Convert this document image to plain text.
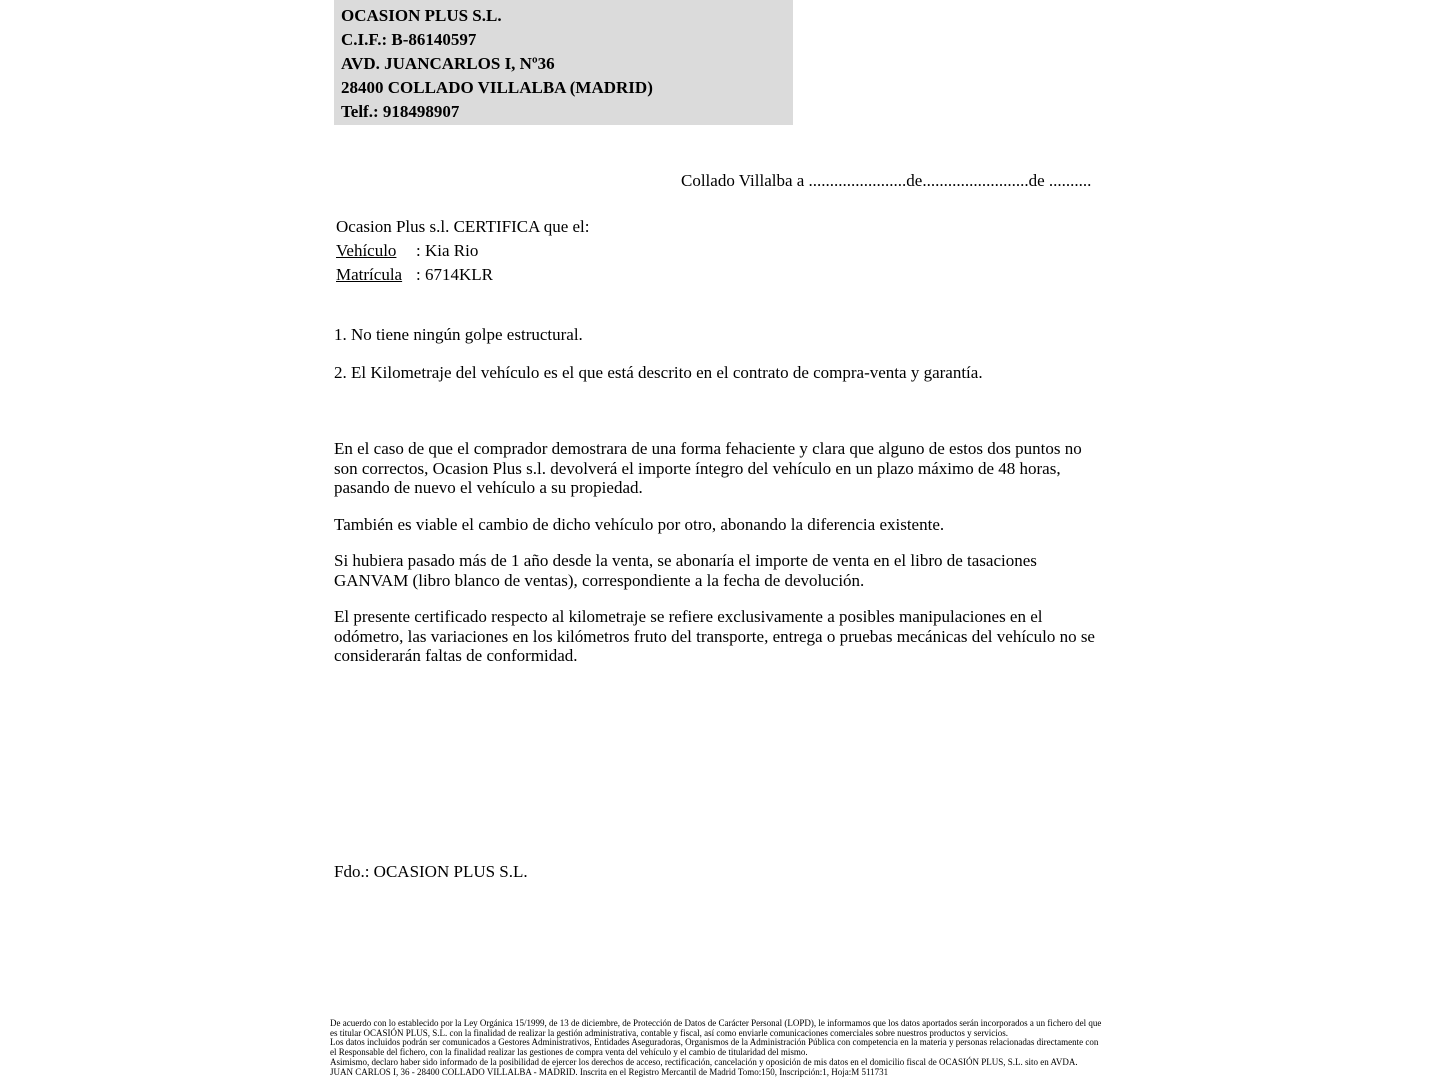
OCASION PLUS S.L.
C.I.F.: B-86140597
AVD. JUANCARLOS I, Nº36
28400 COLLADO VILLALBA (MADRID)
Telf.: 918498907
Collado Villalba a .......................de.........................de ..........
Ocasion Plus s.l. CERTIFICA que el:
Vehículo	: Kia Rio
Matrícula : 6714KLR

1. No tiene ningún golpe estructural.

2. El Kilometraje del vehículo es el que está descrito en el contrato de compra-venta y garantía.

En el caso de que el comprador demostrara de una forma fehaciente y clara que alguno de estos dos puntos no son correctos, Ocasion Plus s.l. devolverá el importe íntegro del vehículo en un plazo máximo de 48 horas, pasando de nuevo el vehículo a su propiedad.

También es viable el cambio de dicho vehículo por otro, abonando la diferencia existente.

Si hubiera pasado más de 1 año desde la venta, se abonaría el importe de venta en el libro de tasaciones GANVAM (libro blanco de ventas), correspondiente a la fecha de devolución.

El presente certificado respecto al kilometraje se refiere exclusivamente a posibles manipulaciones en el odómetro, las variaciones en los kilómetros fruto del transporte, entrega o pruebas mecánicas del vehículo no se considerarán faltas de conformidad.

Fdo.: OCASION PLUS S.L.

De acuerdo con lo establecido por la Ley Orgánica 15/1999, de 13 de diciembre, de Protección de Datos de Carácter Personal (LOPD), le informamos que los datos aportados serán incorporados a un fichero del que es titular OCASIÓN PLUS, S.L. con la finalidad de realizar la gestión administrativa, contable y fiscal, así como enviarle comunicaciones comerciales sobre nuestros productos y servicios.

Los datos incluidos podrán ser comunicados a Gestores Administrativos, Entidades Aseguradoras, Organismos de la Administración Pública con competencia en la materia y personas relacionadas directamente con el Responsable del fichero, con la finalidad realizar las gestiones de compra venta del vehículo y el cambio de titularidad del mismo.

Asimismo, declaro haber sido informado de la posibilidad de ejercer los derechos de acceso, rectificación, cancelación y oposición de mis datos en el domicilio fiscal de OCASIÓN PLUS, S.L. sito en AVDA. JUAN CARLOS I, 36 - 28400 COLLADO VILLALBA - MADRID. Inscrita en el Registro Mercantil de Madrid Tomo:150, Inscripción:1, Hoja:M 511731
